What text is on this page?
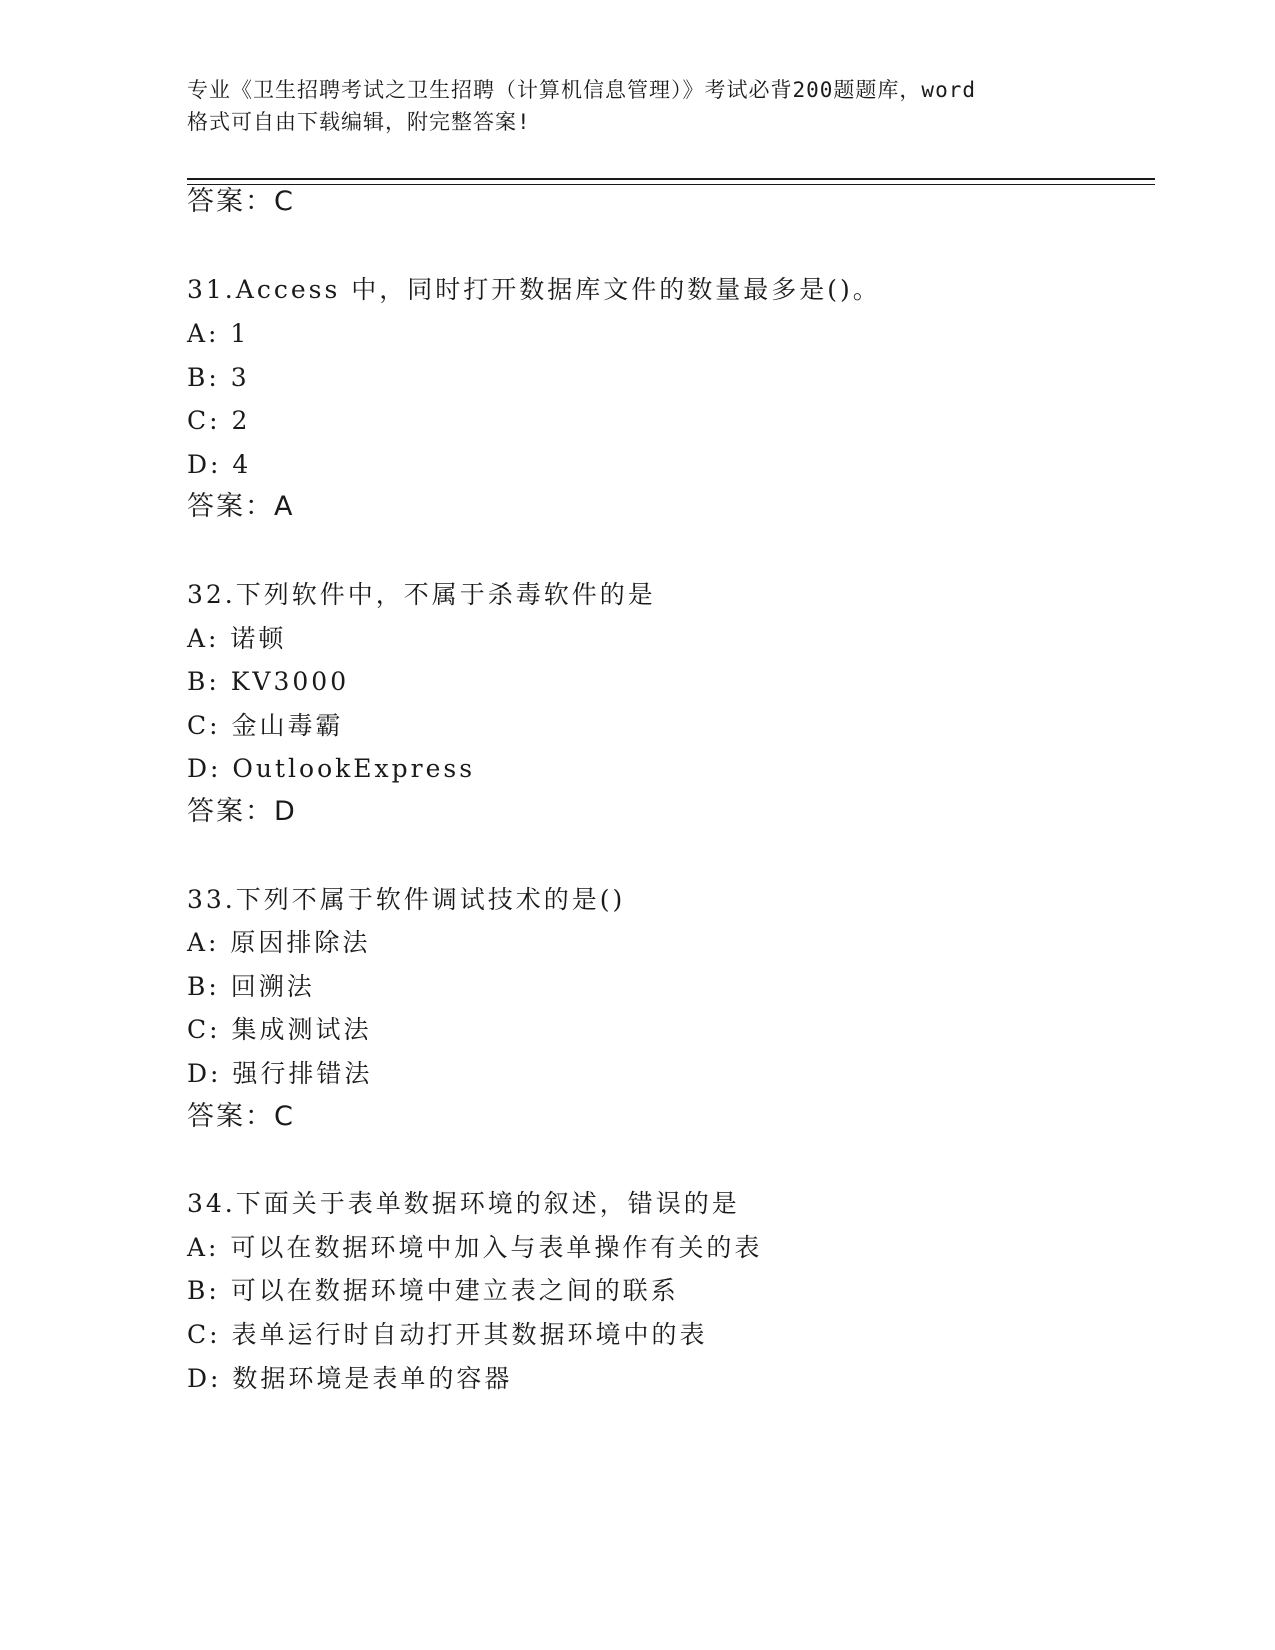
专业《卫生招聘考试之卫生招聘（计算机信息管理）》考试必背200题题库，word
格式可自由下载编辑，附完整答案!
答案：C
31.Access 中，同时打开数据库文件的数量最多是()。
A: 1
B: 3
C: 2
D: 4
答案：A
32.下列软件中，不属于杀毒软件的是
A: 诺顿
B: KV3000
C: 金山毒霸
D: OutlookExpress
答案：D
33.下列不属于软件调试技术的是()
A: 原因排除法
B: 回溯法
C: 集成测试法
D: 强行排错法
答案：C
34.下面关于表单数据环境的叙述，错误的是
A: 可以在数据环境中加入与表单操作有关的表
B: 可以在数据环境中建立表之间的联系
C: 表单运行时自动打开其数据环境中的表
D: 数据环境是表单的容器
